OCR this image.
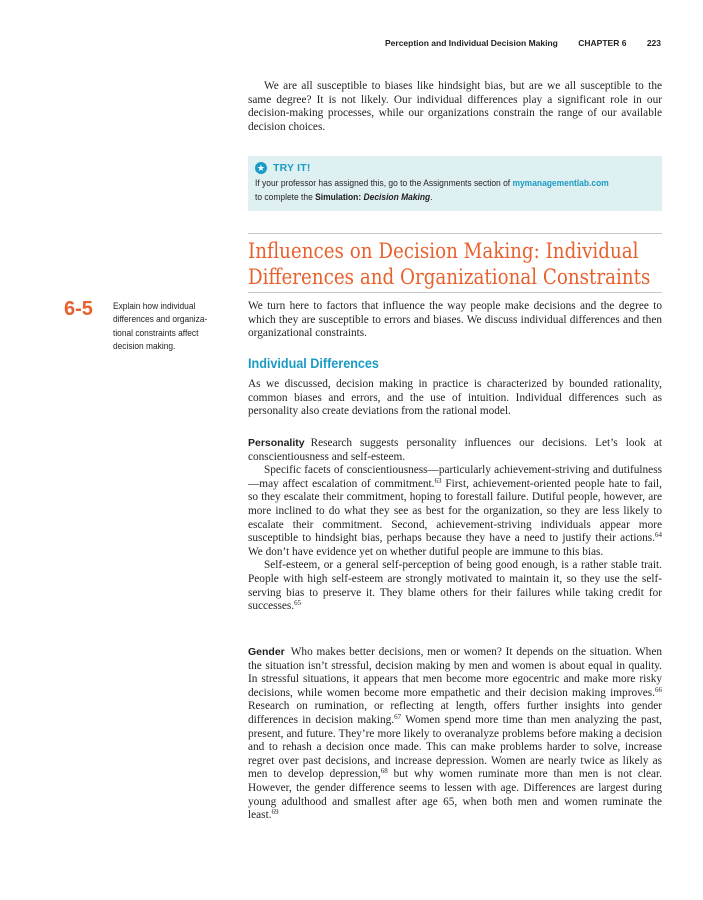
Perception and Individual Decision Making CHAPTER 6 223

We are all susceptible to biases like hindsight bias, but are we all susceptible to the same degree? It is not likely. Our individual differences play a significant role in our decision-making processes, while our organizations constrain the range of our available decision choices.

★ TRY IT!
If your professor has assigned this, go to the Assignments section of mymanagementlab.com
to complete the Simulation: Decision Making.
Influences on Decision Making: Individual
Differences and Organizational Constraints
6-5 Explain how individual differences and organiza-tional constraints affect decision making.

We turn here to factors that influence the way people make decisions and the degree to which they are susceptible to errors and biases. We discuss individual differences and then organizational constraints.

Individual Differences

As we discussed, decision making in practice is characterized by bounded rationality, common biases and errors, and the use of intuition. Individual differences such as personality also create deviations from the rational model.

Personality Research suggests personality influences our decisions. Let’s look at conscientiousness and self-esteem.

Specific facets of conscientiousness—particularly achievement-striving and dutifulness—may affect escalation of commitment.$^{63}$ First, achievement-oriented people hate to fail, so they escalate their commitment, hoping to forestall failure. Dutiful people, however, are more inclined to do what they see as best for the organization, so they are less likely to escalate their commitment. Second, achievement-striving individuals appear more susceptible to hindsight bias, perhaps because they have a need to justify their actions.$^{64}$ We don’t have evidence yet on whether dutiful people are immune to this bias.

Self-esteem, or a general self-perception of being good enough, is a rather stable trait. People with high self-esteem are strongly motivated to maintain it, so they use the self-serving bias to preserve it. They blame others for their failures while taking credit for successes.$^{65}$

Gender Who makes better decisions, men or women? It depends on the situation. When the situation isn’t stressful, decision making by men and women is about equal in quality. In stressful situations, it appears that men become more egocentric and make more risky decisions, while women become more empathetic and their decision making improves.$^{66}$ Research on rumination, or reflecting at length, offers further insights into gender differences in decision making.$^{67}$ Women spend more time than men analyzing the past, present, and future. They’re more likely to overanalyze problems before making a decision and to rehash a decision once made. This can make problems harder to solve, increase regret over past decisions, and increase depression. Women are nearly twice as likely as men to develop depression,$^{68}$ but why women ruminate more than men is not clear. However, the gender difference seems to lessen with age. Differences are largest during young adulthood and smallest after age 65, when both men and women ruminate the least.$^{69}$
